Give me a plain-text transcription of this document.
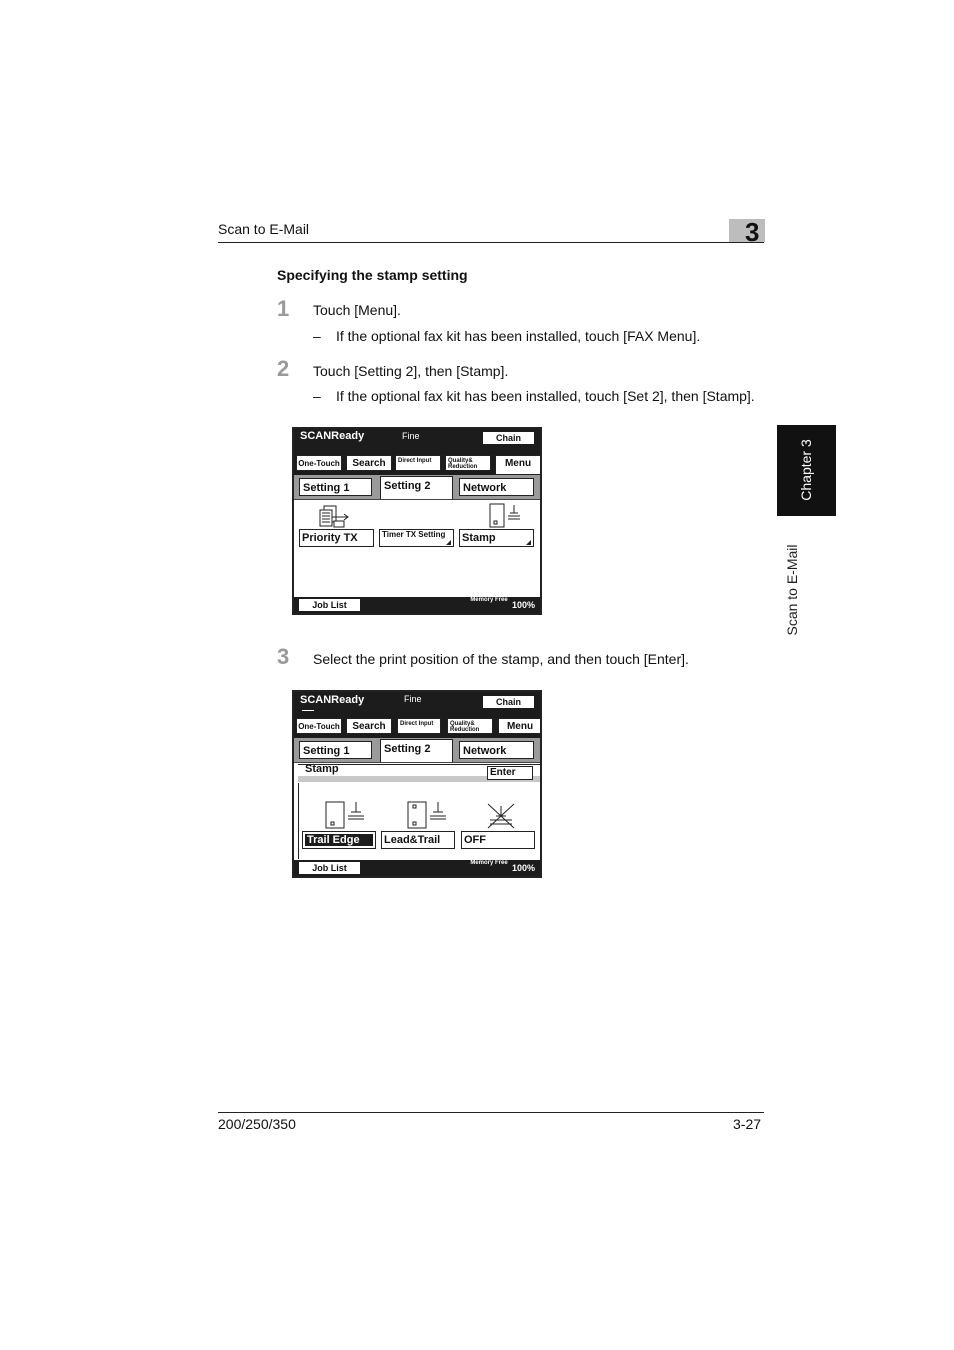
Scan to E-Mail	3
Chapter 3
Scan to E-Mail
Specifying the stamp setting
1 Touch [Menu].
– If the optional fax kit has been installed, touch [FAX Menu].
2 Touch [Setting 2], then [Stamp].
– If the optional fax kit has been installed, touch [Set 2], then [Stamp].
SCANReady	Fine	Chain
One-Touch	Search	Direct Input	Quality& Reduction	Menu
Setting 1	Setting 2	Network
Priority TX	Timer TX Setting	Stamp
Job List	Memory Free 100%
3 Select the print position of the stamp, and then touch [Enter].
SCANReady	Fine	Chain
One-Touch	Search	Direct Input	Quality& Reduction	Menu
Setting 1	Setting 2	Network
Stamp	Enter
Trail Edge	Lead&Trail	OFF
Job List	Memory Free 100%
200/250/350	3-27
